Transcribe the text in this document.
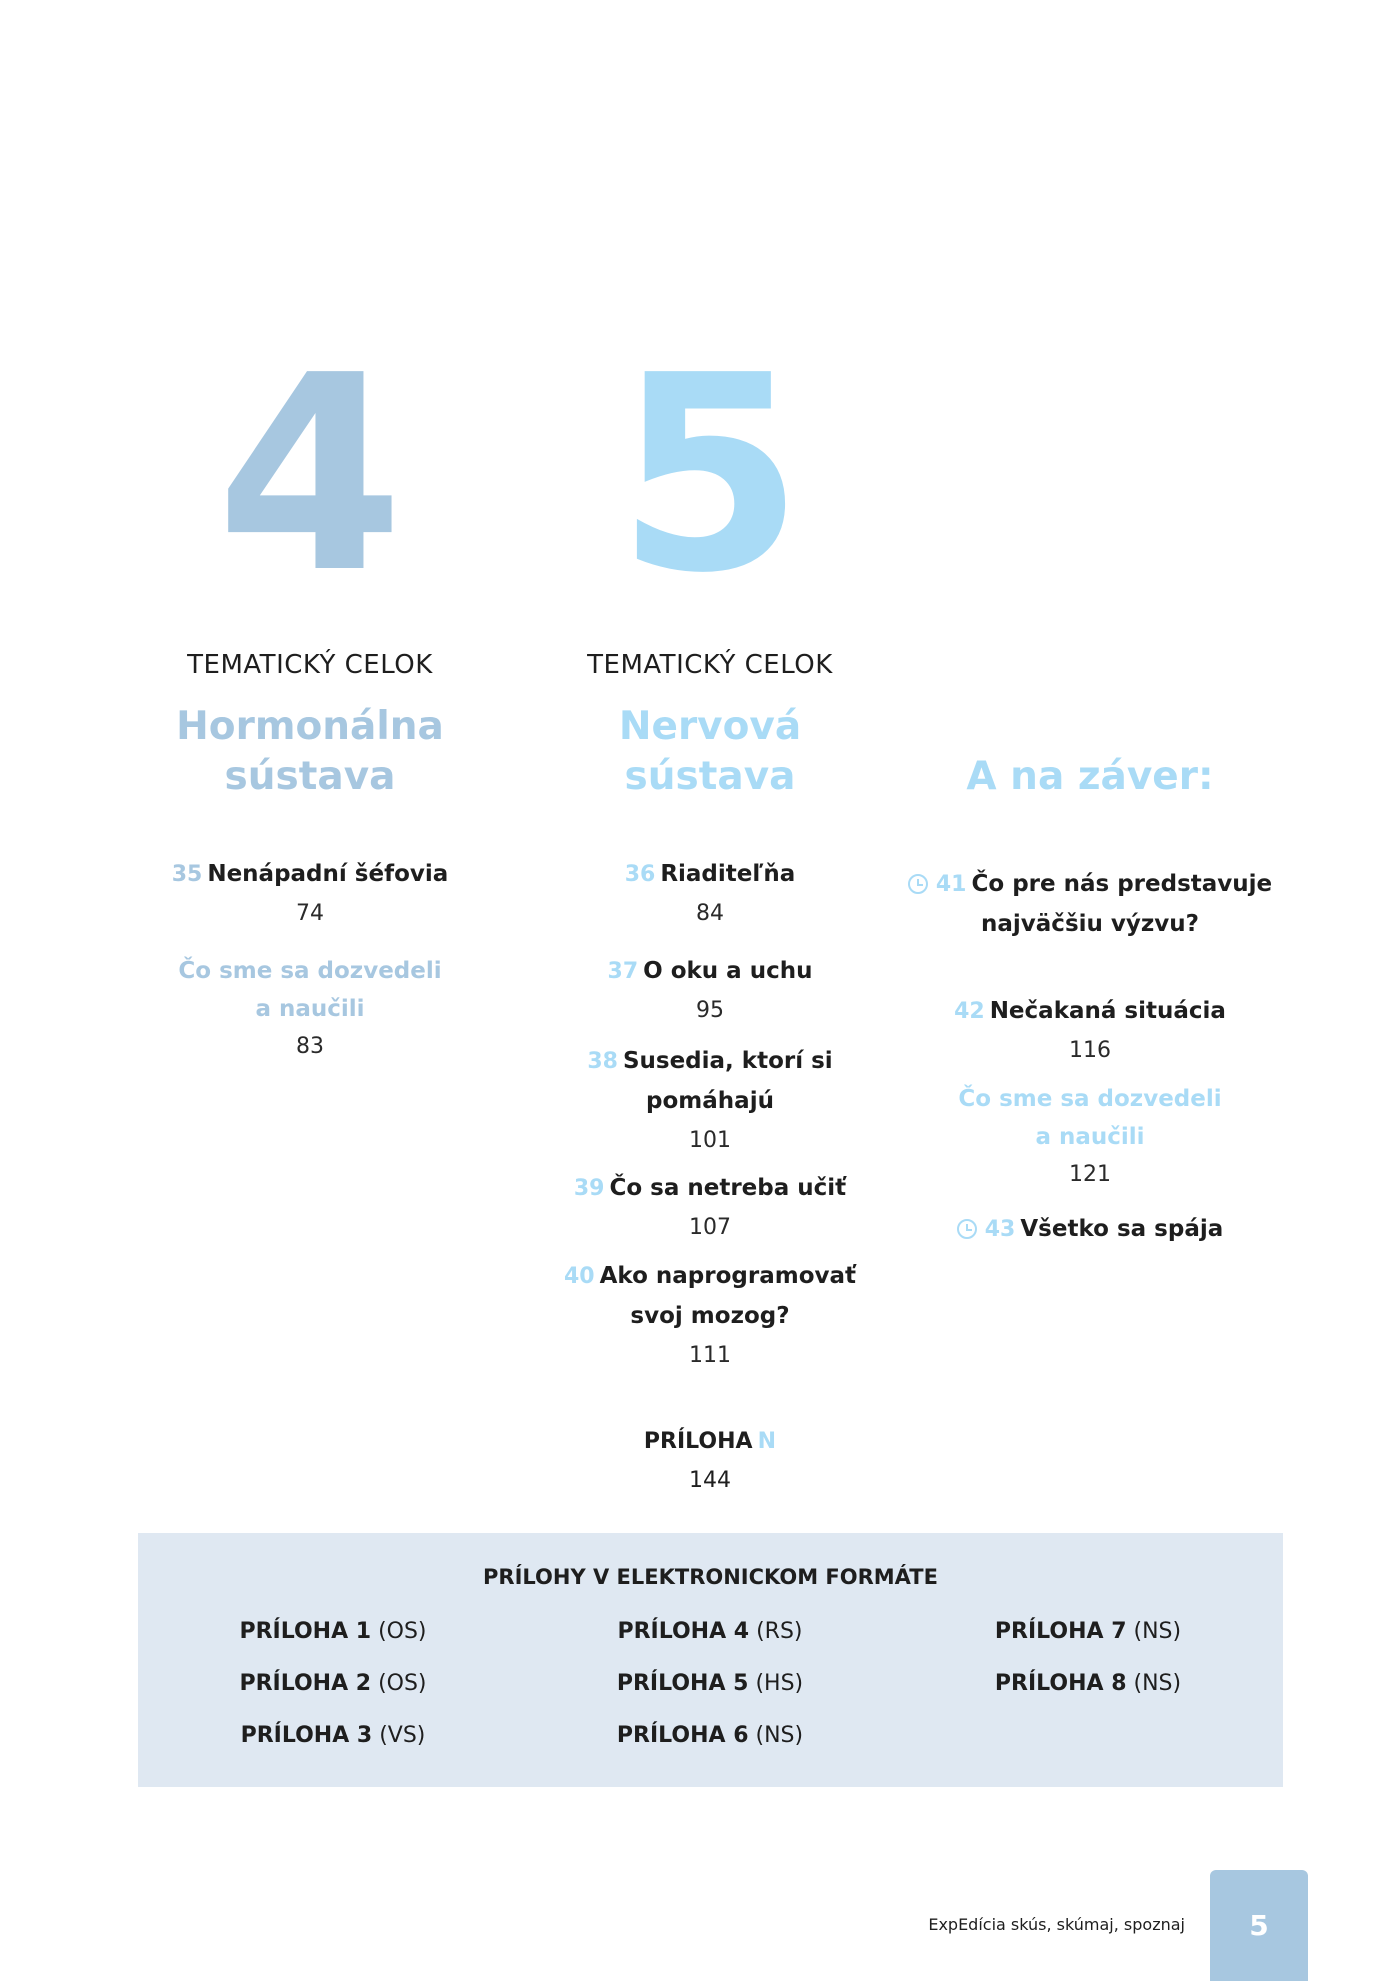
4 5
TEMATICKÝ CELOK	TEMATICKÝ CELOK
Hormonálna
sústava
Nervová
sústava	A na záver:
35 Nenápadní šéfovia
74
Čo sme sa dozvedeli
a naučili
83
36 Riaditeľňa
84
37 O oku a uchu
95
38 Susedia, ktorí si
pomáhajú
101
39 Čo sa netreba učiť
107
40 Ako naprogramovať
svoj mozog?
111
41 Čo pre nás predstavuje
najväčšiu výzvu?
42 Nečakaná situácia
116
Čo sme sa dozvedeli
a naučili
121
43 Všetko sa spája
PRÍLOHA N
144
PRÍLOHY V ELEKTRONICKOM FORMÁTE
PRÍLOHA 1 (OS)
PRÍLOHA 2 (OS)
PRÍLOHA 3 (VS)
PRÍLOHA 4 (RS)
PRÍLOHA 5 (HS)
PRÍLOHA 6 (NS)
PRÍLOHA 7 (NS)
PRÍLOHA 8 (NS)
ExpEdícia skús, skúmaj, spoznaj	5
